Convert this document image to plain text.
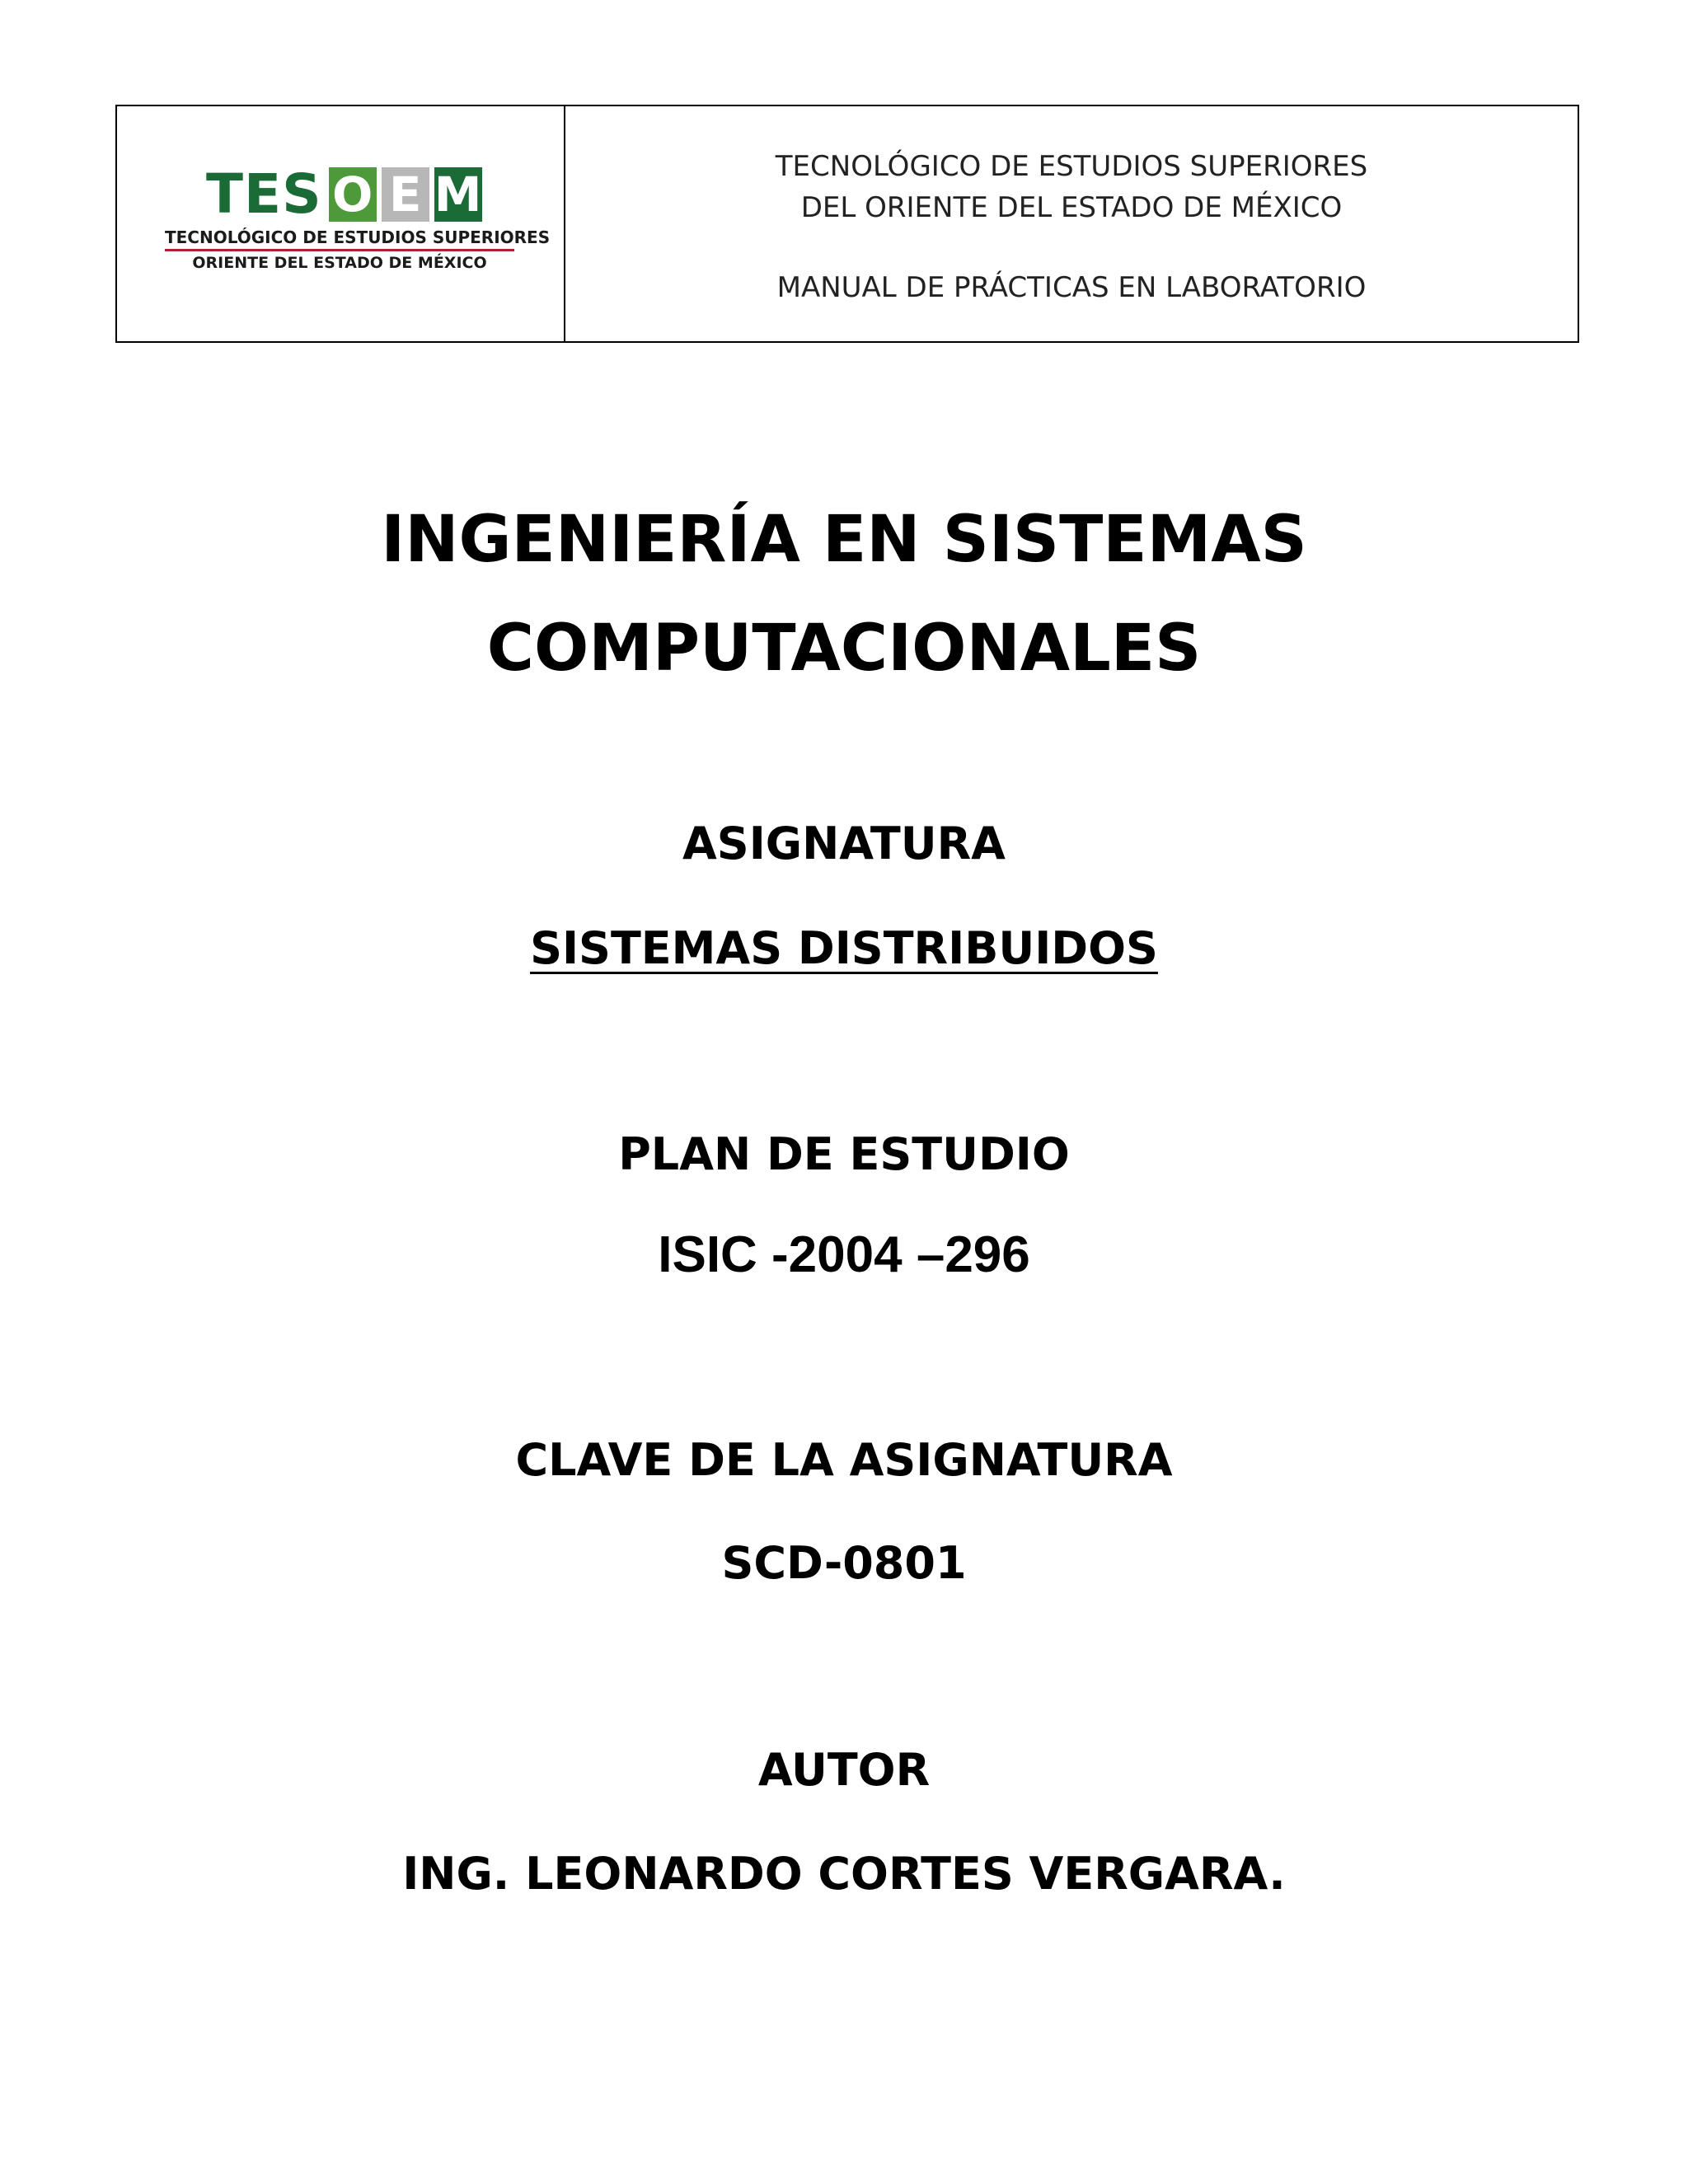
TES O E M
TECNOLÓGICO DE ESTUDIOS SUPERIORES
ORIENTE DEL ESTADO DE MÉXICO
TECNOLÓGICO DE ESTUDIOS SUPERIORES
DEL ORIENTE DEL ESTADO DE MÉXICO
MANUAL DE PRÁCTICAS EN LABORATORIO
INGENIERÍA EN SISTEMAS
COMPUTACIONALES
ASIGNATURA
SISTEMAS DISTRIBUIDOS
PLAN DE ESTUDIO
ISIC -2004 –296
CLAVE DE LA ASIGNATURA
SCD-0801
AUTOR
ING. LEONARDO CORTES VERGARA.
